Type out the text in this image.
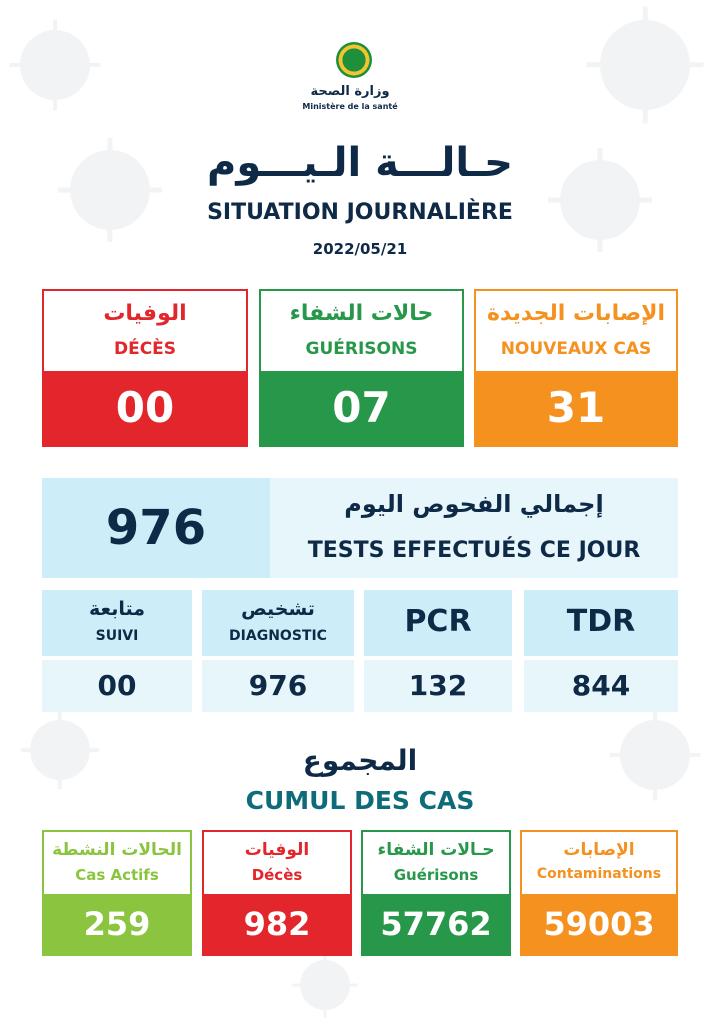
وزارة الصحة
Ministère de la santé
حـالـــة الـيـــوم
SITUATION JOURNALIÈRE
2022/05/21
الوفيات
DÉCÈS
00
حالات الشفاء
GUÉRISONS
07
الإصابات الجديدة
NOUVEAUX CAS
31
976	إجمالي الفحوص اليوم
TESTS EFFECTUÉS CE JOUR
متابعة
SUIVI
00
تشخيص
DIAGNOSTIC
976
PCR
132
TDR
844
المجموع
CUMUL DES CAS
الحالات النشطة
Cas Actifs
259
الوفيات
Décès
982
حـالات الشفاء
Guérisons
57762
الإصابات
Contaminations
59003
